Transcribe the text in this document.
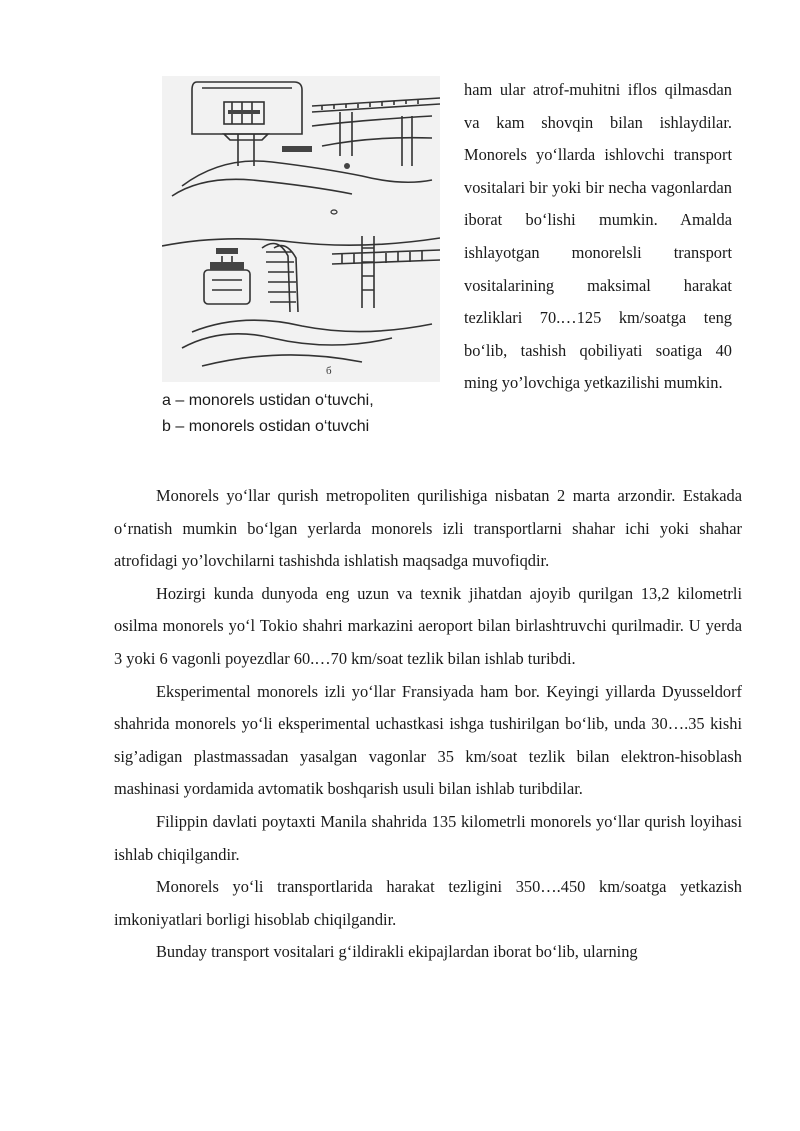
б
a – monorels ustidan o‘tuvchi,
b – monorels ostidan o‘tuvchi

ham ular atrof-muhitni iflos qilmasdan va kam shovqin bilan ishlaydilar. Monorels yo‘llarda ishlovchi transport vositalari bir yoki bir necha vagonlardan iborat bo‘lishi mumkin. Amalda ishlayotgan monorelsli transport vositalarining maksimal harakat tezliklari 70.…125 km/soatga teng bo‘lib, tashish qobiliyati soatiga 40 ming yo’lovchiga yetkazilishi mumkin.

Monorels yo‘llar qurish metropoliten qurilishiga nisbatan 2 marta arzondir. Estakada o‘rnatish mumkin bo‘lgan yerlarda monorels izli transportlarni shahar ichi yoki shahar atrofidagi yo’lovchilarni tashishda ishlatish maqsadga muvofiqdir.

Hozirgi kunda dunyoda eng uzun va texnik jihatdan ajoyib qurilgan 13,2 kilometrli osilma monorels yo‘l Tokio shahri markazini aeroport bilan birlashtruvchi qurilmadir. U yerda 3 yoki 6 vagonli poyezdlar 60.…70 km/soat tezlik bilan ishlab turibdi.

Eksperimental monorels izli yo‘llar Fransiyada ham bor. Keyingi yillarda Dyusseldorf shahrida monorels yo‘li eksperimental uchastkasi ishga tushirilgan bo‘lib, unda 30….35 kishi sig’adigan plastmassadan yasalgan vagonlar 35 km/soat tezlik bilan elektron-hisoblash mashinasi yordamida avtomatik boshqarish usuli bilan ishlab turibdilar.

Filippin davlati poytaxti Manila shahrida 135 kilometrli monorels yo‘llar qurish loyihasi ishlab chiqilgandir.

Monorels yo‘li transportlarida harakat tezligini 350….450 km/soatga yetkazish imkoniyatlari borligi hisoblab chiqilgandir.

Bunday transport vositalari g‘ildirakli ekipajlardan iborat bo‘lib, ularning
